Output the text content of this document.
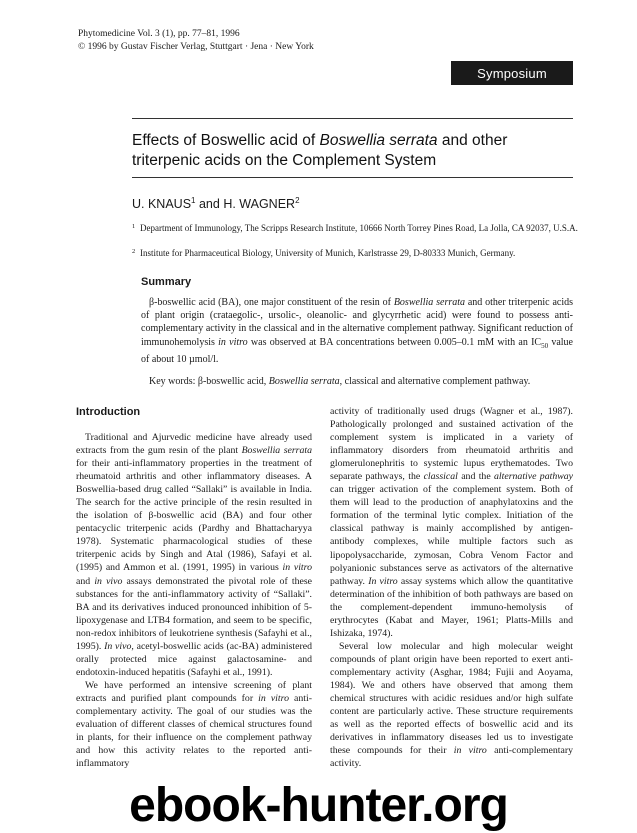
Phytomedicine Vol. 3 (1), pp. 77–81, 1996
© 1996 by Gustav Fischer Verlag, Stuttgart · Jena · New York
Symposium
Effects of Boswellic acid of Boswellia serrata and other triterpenic acids on the Complement System
U. KNAUS$^1$ and H. WAGNER$^2$
1 Department of Immunology, The Scripps Research Institute, 10666 North Torrey Pines Road, La Jolla, CA 92037, U.S.A.
2 Institute for Pharmaceutical Biology, University of Munich, Karlstrasse 29, D-80333 Munich, Germany.
Summary

β-boswellic acid (BA), one major constituent of the resin of Boswellia serrata and other triterpenic acids of plant origin (crataegolic-, ursolic-, oleanolic- and glycyrrhetic acid) were found to possess anti-complementary activity in the classical and in the alternative complement pathway. Significant reduction of immunohemolysis in vitro was observed at BA concentrations between 0.005–0.1 mM with an $IC_{50}$ value of about 10 µmol/l.

Key words: β-boswellic acid, Boswellia serrata, classical and alternative complement pathway.
Introduction

Traditional and Ajurvedic medicine have already used extracts from the gum resin of the plant Boswellia serrata for their anti-inflammatory properties in the treatment of rheumatoid arthritis and other inflammatory diseases. A Boswellia-based drug called “Sallaki” is available in India. The search for the active principle of the resin resulted in the isolation of β-boswellic acid (BA) and four other pentacyclic triterpenic acids (Pardhy and Bhattacharyya 1978). Systematic pharmacological studies of these triterpenic acids by Singh and Atal (1986), Safayi et al. (1995) and Ammon et al. (1991, 1995) in various in vitro and in vivo assays demonstrated the pivotal role of these substances for the anti-inflammatory activity of “Sallaki”. BA and its derivatives induced pronounced inhibition of 5-lipoxygenase and LTB4 formation, and seem to be specific, non-redox inhibitors of leukotriene synthesis (Safayhi et al., 1995). In vivo, acetyl-boswellic acids (ac-BA) administered orally protected mice against galactosamine- and endotoxin-induced hepatitis (Safayhi et al., 1991).

We have performed an intensive screening of plant extracts and purified plant compounds for in vitro anti-complementary activity. The goal of our studies was the evaluation of different classes of chemical structures found in plants, for their influence on the complement pathway and how this activity relates to the reported anti-inflammatory

activity of traditionally used drugs (Wagner et al., 1987). Pathologically prolonged and sustained activation of the complement system is implicated in a variety of inflammatory disorders from rheumatoid arthritis and glomerulonephritis to systemic lupus erythematodes. Two separate pathways, the classical and the alternative pathway can trigger activation of the complement system. Both of them will lead to the production of anaphylatoxins and the formation of the terminal lytic complex. Initiation of the classical pathway is mainly accomplished by antigen-antibody complexes, while multiple factors such as lipopolysaccharide, zymosan, Cobra Venom Factor and polyanionic substances serve as activators of the alternative pathway. In vitro assay systems which allow the quantitative determination of the inhibition of both pathways are based on the complement-dependent immuno-hemolysis of erythrocytes (Kabat and Mayer, 1961; Platts-Mills and Ishizaka, 1974).

Several low molecular and high molecular weight compounds of plant origin have been reported to exert anti-complementary activity (Asghar, 1984; Fujii and Aoyama, 1984). We and others have observed that among them chemical structures with acidic residues and/or high sulfate content are particularly active. These structure requirements as well as the reported effects of boswellic acid and its derivatives in inflammatory diseases led us to investigate these compounds for their in vitro anti-complementary activity.

ebook-hunter.org
